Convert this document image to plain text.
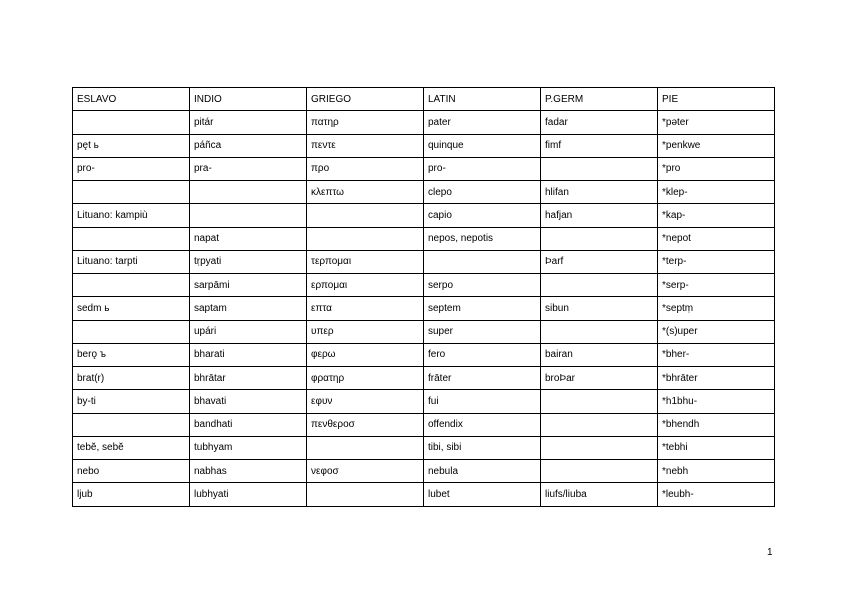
ESLAVO	INDIO	GRIEGO	LATIN	P.GERM	PIE
	pitár	πατηρ	pater	fadar	*pəter
pęt ь	páñca	πεντε	quinque	fimf	*penkwe
pro-	pra-	προ	pro-		*pro
		κλεπτω	clepo	hlifan	*klep-
Lituano: kampiù			capio	hafjan	*kap-
	napat		nepos, nepotis		*nepot
Lituano: tarpti	tṛpyati	τερπομαι		Þarf	*terp-
	sarpāmi	ερπομαι	serpo		*serp-
sedm ь	saptam	επτα	septem	sibun	*septṃ
	upári	υπερ	super		*(s)uper
berǫ ъ	bharati	φερω	fero	bairan	*bher-
brat(r)	bhrātar	φρατηρ	frāter	broÞar	*bhrāter
by-ti	bhavati	εφυν	fui		*h1bhu-
	bandhati	πενθεροσ	offendix		*bhendh
tebĕ, sebĕ	tubhyam		tibi, sibi		*tebhi
nebo	nabhas	νεφοσ	nebula		*nebh
ljub	lubhyati		lubet	liufs/liuba	*leubh-
1
